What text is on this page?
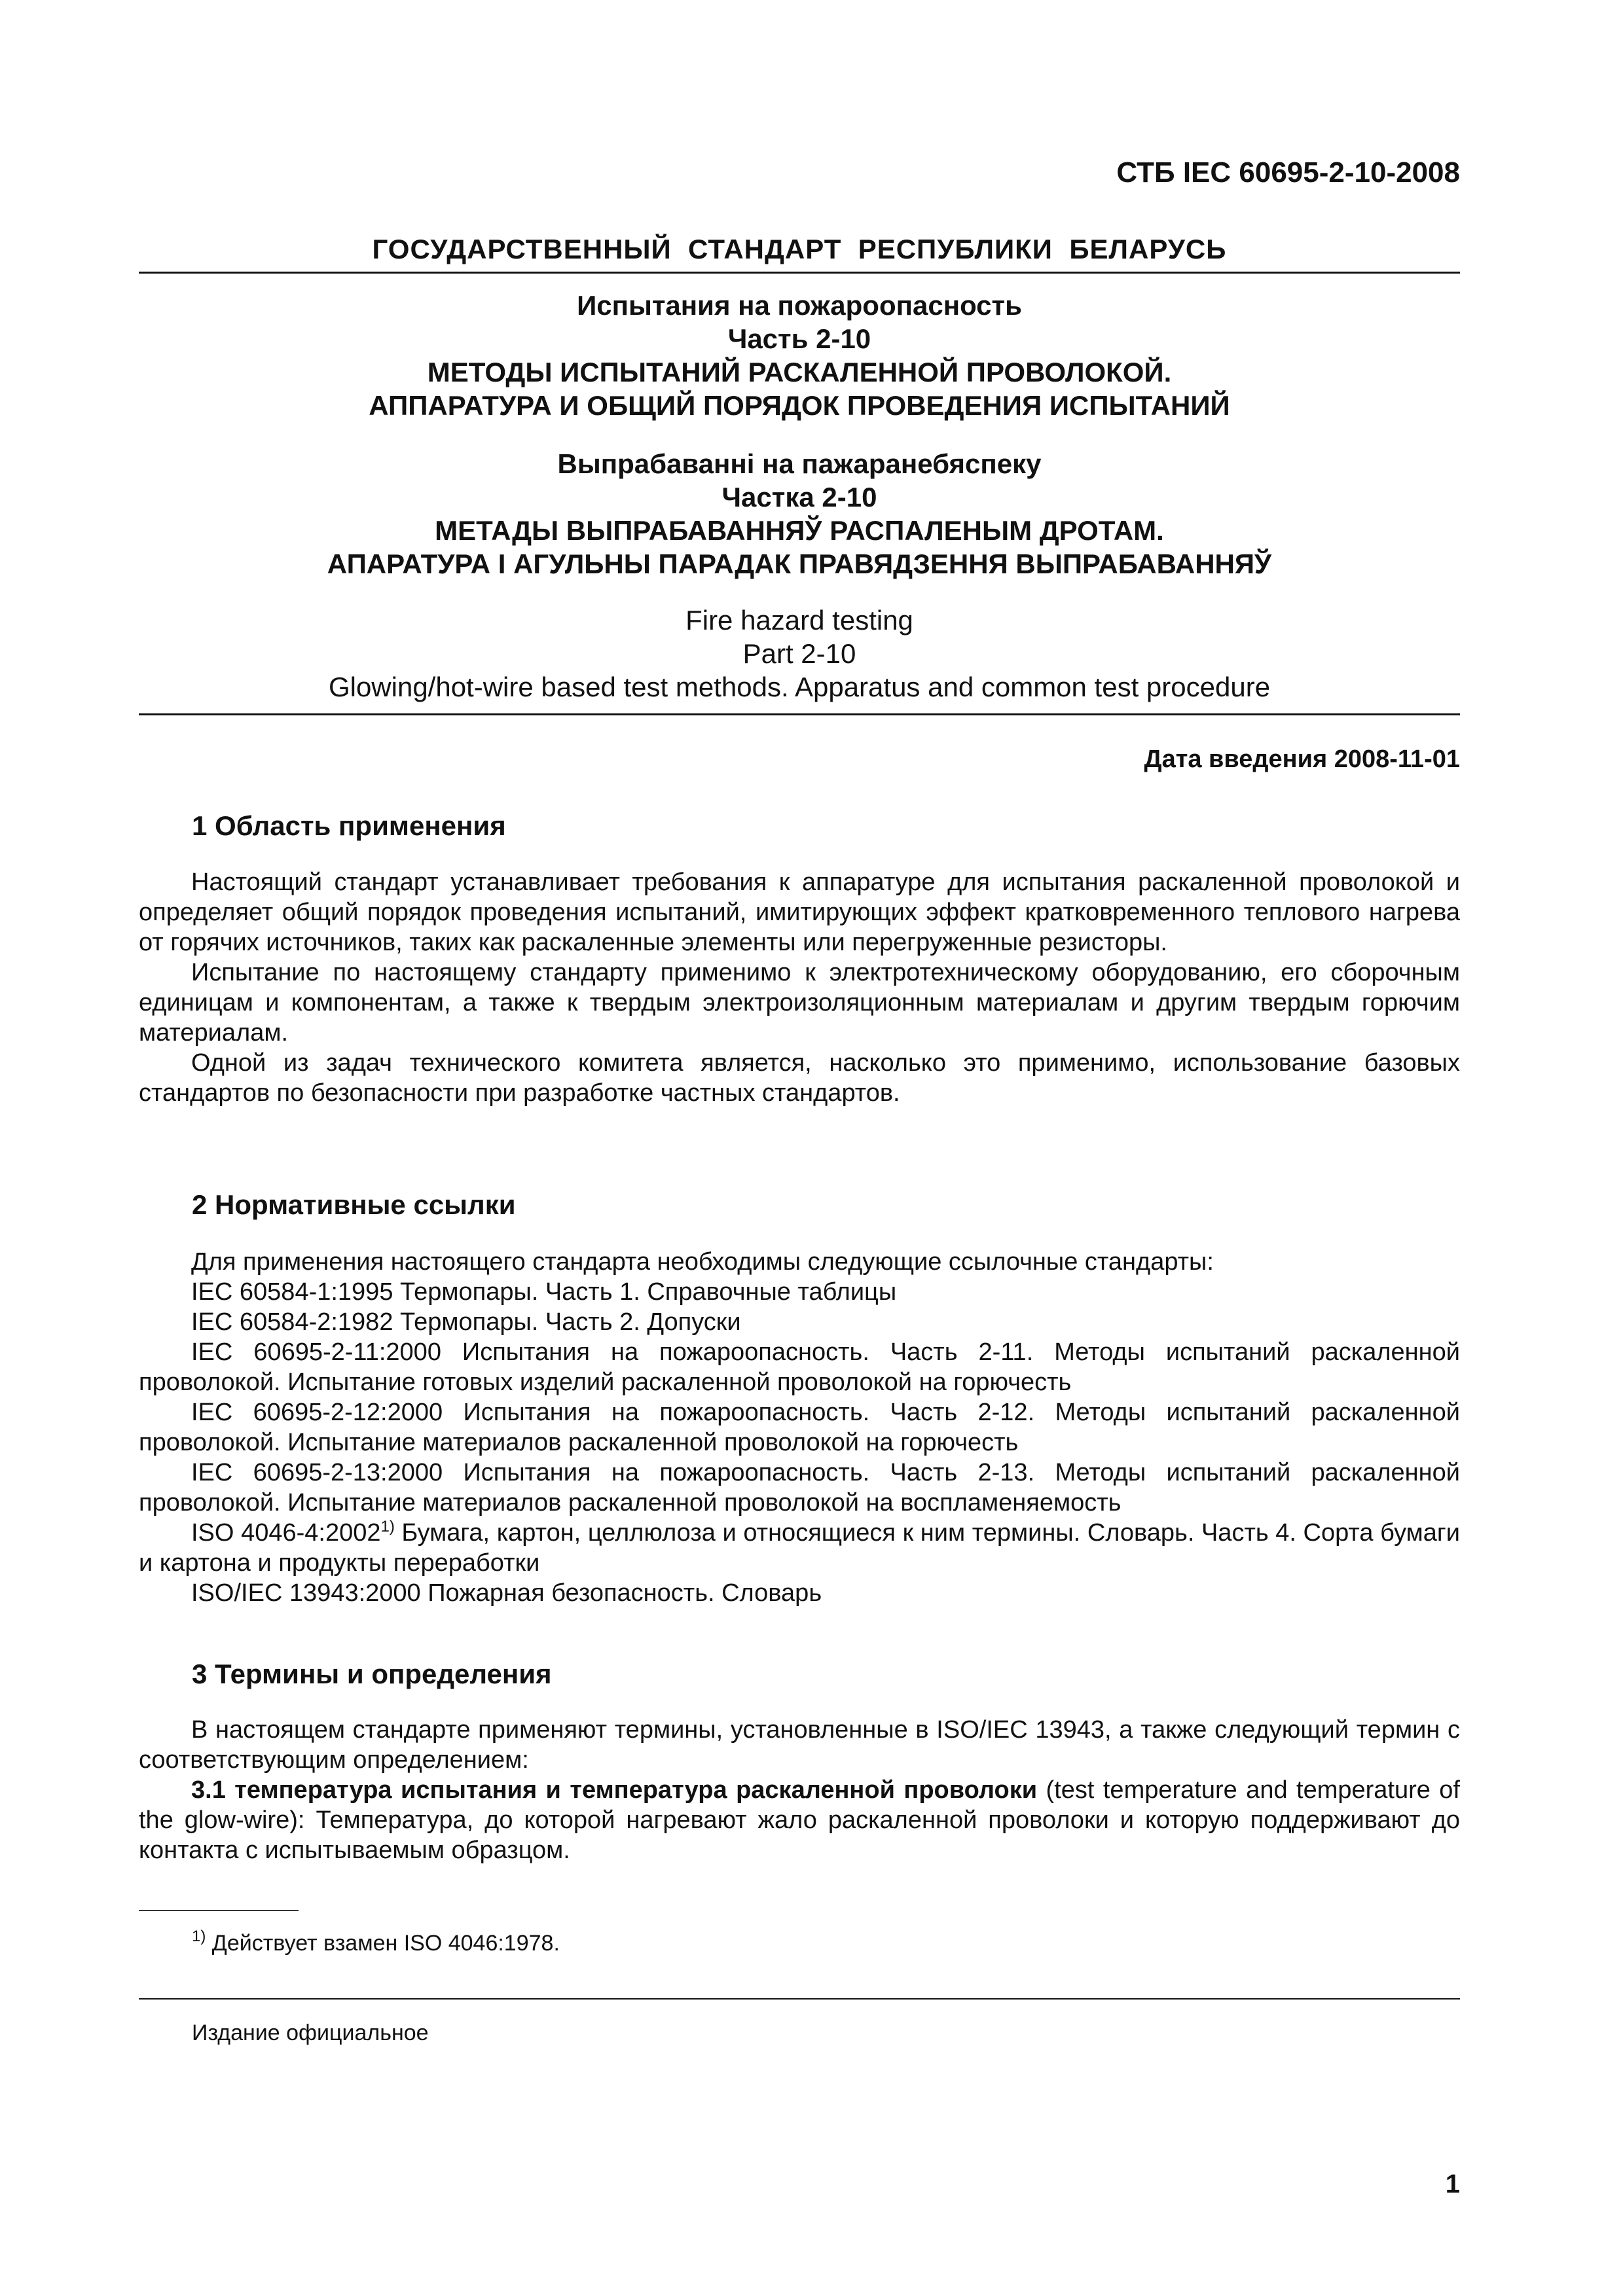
СТБ IEC 60695-2-10-2008
ГОСУДАРСТВЕННЫЙ  СТАНДАРТ  РЕСПУБЛИКИ  БЕЛАРУСЬ
Испытания на пожароопасность
Часть 2-10
МЕТОДЫ ИСПЫТАНИЙ РАСКАЛЕННОЙ ПРОВОЛОКОЙ.
АППАРАТУРА И ОБЩИЙ ПОРЯДОК ПРОВЕДЕНИЯ ИСПЫТАНИЙ
Выпрабаванні на пажаранебяспеку
Частка 2-10
МЕТАДЫ ВЫПРАБАВАННЯЎ РАСПАЛЕНЫМ ДРОТАМ.
АПАРАТУРА І АГУЛЬНЫ ПАРАДАК ПРАВЯДЗЕННЯ ВЫПРАБАВАННЯЎ
Fire hazard testing
Part 2-10
Glowing/hot-wire based test methods. Apparatus and common test procedure
Дата введения 2008-11-01
1 Область применения
Настоящий стандарт устанавливает требования к аппаратуре для испытания раскаленной проволокой и определяет общий порядок проведения испытаний, имитирующих эффект кратковременного теплового нагрева от горячих источников, таких как раскаленные элементы или перегруженные резисторы.
Испытание по настоящему стандарту применимо к электротехническому оборудованию, его сборочным единицам и компонентам, а также к твердым электроизоляционным материалам и другим твердым горючим материалам.
Одной из задач технического комитета является, насколько это применимо, использование базовых стандартов по безопасности при разработке частных стандартов.
2 Нормативные ссылки
Для применения настоящего стандарта необходимы следующие ссылочные стандарты:
IEC 60584-1:1995 Термопары. Часть 1. Справочные таблицы
IEC 60584-2:1982 Термопары. Часть 2. Допуски
IEC 60695-2-11:2000 Испытания на пожароопасность. Часть 2-11. Методы испытаний раскаленной проволокой. Испытание готовых изделий раскаленной проволокой на горючесть
IEC 60695-2-12:2000 Испытания на пожароопасность. Часть 2-12. Методы испытаний раскаленной проволокой. Испытание материалов раскаленной проволокой на горючесть
IEC 60695-2-13:2000 Испытания на пожароопасность. Часть 2-13. Методы испытаний раскаленной проволокой. Испытание материалов раскаленной проволокой на воспламеняемость
ISO 4046-4:2002$^{1)}$ Бумага, картон, целлюлоза и относящиеся к ним термины. Словарь. Часть 4. Сорта бумаги и картона и продукты переработки
ISO/IEC 13943:2000 Пожарная безопасность. Словарь
3 Термины и определения
В настоящем стандарте применяют термины, установленные в ISO/IEC 13943, а также следующий термин с соответствующим определением:
3.1 температура испытания и температура раскаленной проволоки (test temperature and temperature of the glow-wire): Температура, до которой нагревают жало раскаленной проволоки и которую поддерживают до контакта с испытываемым образцом.
$^{1)}$ Действует взамен ISO 4046:1978.
Издание официальное
1
